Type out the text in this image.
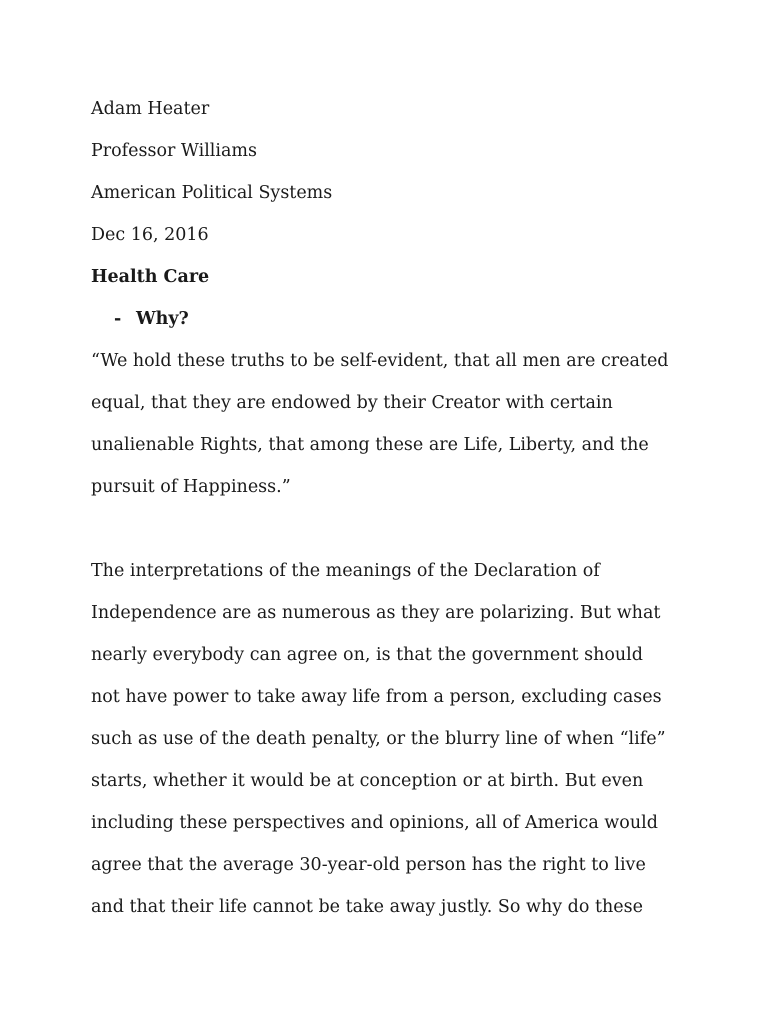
Adam Heater
Professor Williams
American Political Systems
Dec 16, 2016
Health Care
- Why?
“We hold these truths to be self-evident, that all men are created
equal, that they are endowed by their Creator with certain
unalienable Rights, that among these are Life, Liberty, and the
pursuit of Happiness.”
The interpretations of the meanings of the Declaration of
Independence are as numerous as they are polarizing. But what
nearly everybody can agree on, is that the government should
not have power to take away life from a person, excluding cases
such as use of the death penalty, or the blurry line of when “life”
starts, whether it would be at conception or at birth. But even
including these perspectives and opinions, all of America would
agree that the average 30-year-old person has the right to live
and that their life cannot be take away justly. So why do these
